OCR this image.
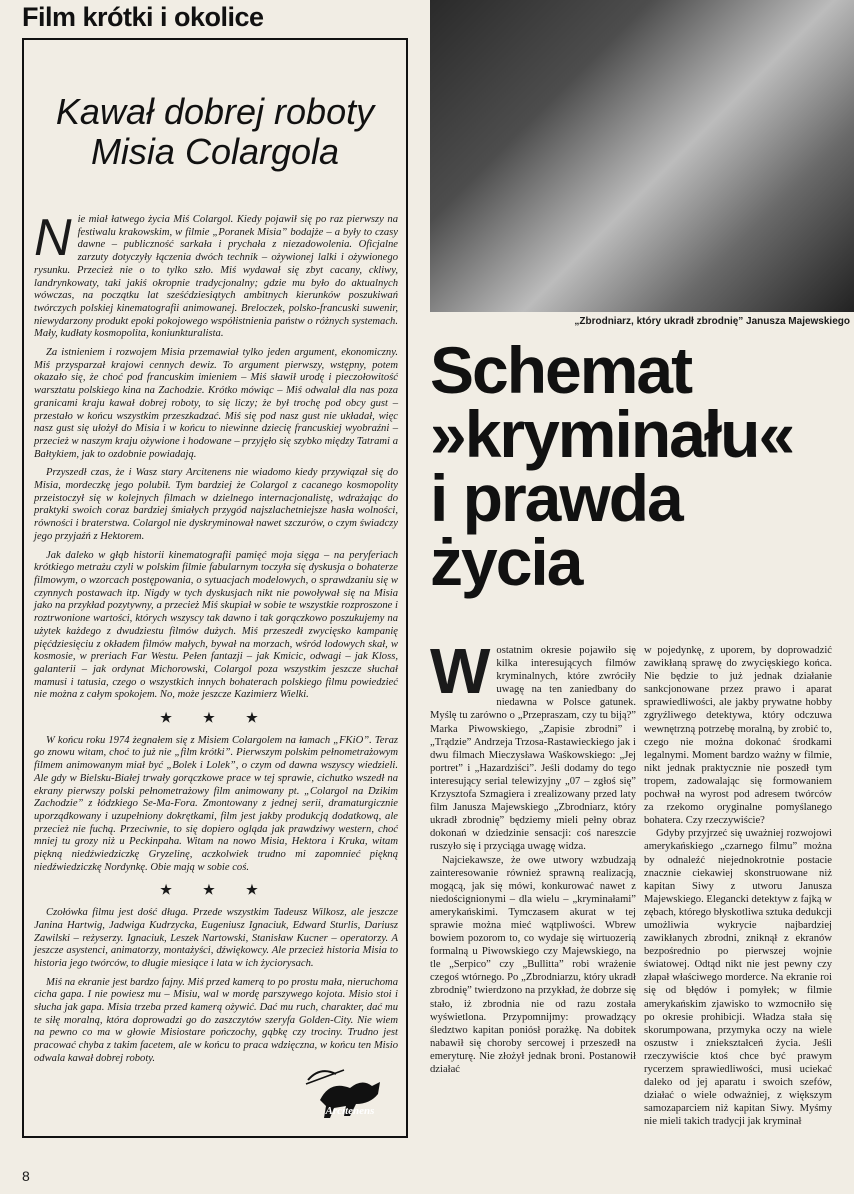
Film krótki i okolice
Kawał dobrej roboty Misia Colargola

Nie miał łatwego życia Miś Colargol. Kiedy pojawił się po raz pierwszy na festiwalu krakowskim, w filmie „Poranek Misia” bodajże – a były to czasy dawne – publiczność sarkała i prychała z niezadowolenia. Oficjalne zarzuty dotyczyły łączenia dwóch technik – ożywionej lalki i ożywionego rysunku. Przecież nie o to tylko szło. Miś wydawał się zbyt cacany, ckliwy, landrynkowaty, taki jakiś okropnie tradycjonalny; gdzie mu było do aktualnych wówczas, na początku lat sześćdziesiątych ambitnych kierunków poszukiwań twórczych polskiej kinematografii animowanej. Breloczek, polsko-francuski suwenir, niewydarzony produkt epoki pokojowego współistnienia państw o różnych systemach. Mały, kudłaty kosmopolita, koniunkturalista.

Za istnieniem i rozwojem Misia przemawiał tylko jeden argument, ekonomiczny. Miś przysparzał krajowi cennych dewiz. To argument pierwszy, wstępny, potem okazało się, że choć pod francuskim imieniem – Miś sławił urodę i pieczołowitość warsztatu polskiego kina na Zachodzie. Krótko mówiąc – Miś odwalał dla nas poza granicami kraju kawał dobrej roboty, to się liczy; że był trochę pod obcy gust – przestało w końcu wszystkim przeszkadzać. Miś się pod nasz gust nie układał, więc nasz gust się ułożył do Misia i w końcu to niewinne dziecię francuskiej wyobraźni – przecież w naszym kraju ożywione i hodowane – przyjęło się szybko między Tatrami a Bałtykiem, jak to ozdobnie powiadają.

Przyszedł czas, że i Wasz stary Arcitenens nie wiadomo kiedy przywiązał się do Misia, mordeczkę jego polubił. Tym bardziej że Colargol z cacanego kosmopolity przeistoczył się w kolejnych filmach w dzielnego internacjonalistę, wdrażając do praktyki swoich coraz bardziej śmiałych przygód najszlachetniejsze hasła wolności, równości i braterstwa. Colargol nie dyskryminował nawet szczurów, o czym świadczy jego przyjaźń z Hektorem.

Jak daleko w głąb historii kinematografii pamięć moja sięga – na peryferiach krótkiego metrażu czyli w polskim filmie fabularnym toczyła się dyskusja o bohaterze filmowym, o wzorcach postępowania, o sytuacjach modelowych, o sprawdzaniu się w czynnych postawach itp. Nigdy w tych dyskusjach nikt nie powoływał się na Misia jako na przykład pozytywny, a przecież Miś skupiał w sobie te wszystkie rozproszone i roztrwonione wartości, których wszyscy tak dawno i tak gorączkowo poszukujemy na użytek każdego z dwudziestu filmów dużych. Miś przeszedł zwycięsko kampanię pięćdziesięciu z okładem filmów małych, bywał na morzach, wśród lodowych skał, w kosmosie, w preriach Far Westu. Pełen fantazji – jak Kmicic, odwagi – jak Kloss, galanterii – jak ordynat Michorowski, Colargol poza wszystkim jeszcze słuchał mamusi i tatusia, czego o wszystkich innych bohaterach polskiego filmu powiedzieć nie można z całym spokojem. No, może jeszcze Kazimierz Wielki.

★ ★ ★

W końcu roku 1974 żegnałem się z Misiem Colargolem na łamach „FKiO”. Teraz go znowu witam, choć to już nie „film krótki”. Pierwszym polskim pełnometrażowym filmem animowanym miał być „Bolek i Lolek”, o czym od dawna wszyscy wiedzieli. Ale gdy w Bielsku-Białej trwały gorączkowe prace w tej sprawie, cichutko wszedł na ekrany pierwszy polski pełnometrażowy film animowany pt. „Colargol na Dzikim Zachodzie” z łódzkiego Se-Ma-Fora. Zmontowany z jednej serii, dramaturgicznie uporządkowany i uzupełniony dokrętkami, film jest jakby produkcją dodatkową, ale przecież nie fuchą. Przeciwnie, to się dopiero ogląda jak prawdziwy western, choć mniej tu grozy niż u Peckinpaha. Witam na nowo Misia, Hektora i Kruka, witam piękną niedźwiedziczkę Gryzelinę, aczkolwiek trudno mi zapomnieć piękną niedźwiedziczkę Nordynkę. Obie mają w sobie coś.

★ ★ ★

Czołówka filmu jest dość długa. Przede wszystkim Tadeusz Wilkosz, ale jeszcze Janina Hartwig, Jadwiga Kudrzycka, Eugeniusz Ignaciuk, Edward Sturlis, Dariusz Zawilski – reżyserzy. Ignaciuk, Leszek Nartowski, Stanisław Kucner – operatorzy. A jeszcze asystenci, animatorzy, montażyści, dźwiękowcy. Ale przecież historia Misia to historia jego twórców, to długie miesiące i lata w ich życiorysach.

Miś na ekranie jest bardzo fajny. Miś przed kamerą to po prostu mała, nieruchoma cicha gapa. I nie powiesz mu – Misiu, wal w mordę parszywego kojota. Misio stoi i słucha jak gapa. Misia trzeba przed kamerą ożywić. Dać mu ruch, charakter, dać mu te siłę moralną, która doprowadzi go do zaszczytów szeryfa Golden-City. Nie wiem na pewno co ma w głowie Misiostare pończochy, gąbkę czy trociny. Trudno jest pracować chyba z takim facetem, ale w końcu to praca wdzięczna, w końcu ten Misio odwala kawał dobrej roboty.

Arcitenens
„Zbrodniarz, który ukradł zbrodnię” Janusza Majewskiego
Schemat
»kryminału«
i prawda
życia

Wostatnim okresie pojawiło się kilka interesujących filmów kryminalnych, które zwróciły uwagę na ten zaniedbany do niedawna w Polsce gatunek. Myślę tu zarówno o „Przepraszam, czy tu biją?” Marka Piwowskiego, „Zapisie zbrodni” i „Trądzie” Andrzeja Trzosa-Rastawieckiego jak i dwu filmach Mieczysława Waśkowskiego: „Jej portret” i „Hazardziści”. Jeśli dodamy do tego interesujący serial telewizyjny „07 – zgłoś się” Krzysztofa Szmagiera i zrealizowany przed laty film Janusza Majewskiego „Zbrodniarz, który ukradł zbrodnię” będziemy mieli pełny obraz dokonań w dziedzinie sensacji: coś nareszcie ruszyło się i przyciąga uwagę widza.

Najciekawsze, że owe utwory wzbudzają zainteresowanie również sprawną realizacją, mogącą, jak się mówi, konkurować nawet z niedoścignionymi – dla wielu – „kryminałami” amerykańskimi. Tymczasem akurat w tej sprawie można mieć wątpliwości. Wbrew bowiem pozorom to, co wydaje się wirtuozerią formalną u Piwowskiego czy Majewskiego, na tle „Serpico” czy „Bullitta” robi wrażenie czegoś wtórnego. Po „Zbrodniarzu, który ukradł zbrodnię” twierdzono na przykład, że dobrze się stało, iż zbrodnia nie od razu została wyświetlona. Przypomnijmy: prowadzący śledztwo kapitan poniósł porażkę. Na dobitek nabawił się choroby sercowej i przeszedł na emeryturę. Nie złożył jednak broni. Postanowił działać

w pojedynkę, z uporem, by doprowadzić zawikłaną sprawę do zwycięskiego końca. Nie będzie to już jednak działanie sankcjonowane przez prawo i aparat sprawiedliwości, ale jakby prywatne hobby zgryźliwego detektywa, który odczuwa wewnętrzną potrzebę moralną, by zrobić to, czego nie można dokonać środkami legalnymi. Moment bardzo ważny w filmie, nikt jednak praktycznie nie poszedł tym tropem, zadowalając się formowaniem pochwał na wyrost pod adresem twórców za rzekomo oryginalne pomyślanego bohatera. Czy rzeczywiście?

Gdyby przyjrzeć się uważniej rozwojowi amerykańskiego „czarnego filmu” można by odnaleźć niejednokrotnie postacie znacznie ciekawiej skonstruowane niż kapitan Siwy z utworu Janusza Majewskiego. Elegancki detektyw z fajką w zębach, którego błyskotliwa sztuka dedukcji umożliwia wykrycie najbardziej zawikłanych zbrodni, zniknął z ekranów bezpośrednio po pierwszej wojnie światowej. Odtąd nikt nie jest pewny czy złapał właściwego morderce. Na ekranie roi się od błędów i pomyłek; w filmie amerykańskim zjawisko to wzmocniło się po okresie prohibicji. Władza stała się skorumpowana, przymyka oczy na wiele oszustw i zniekształceń życia. Jeśli rzeczywiście ktoś chce być prawym rycerzem sprawiedliwości, musi uciekać daleko od jej aparatu i swoich szefów, działać o wiele odważniej, z większym samozaparciem niż kapitan Siwy. Myśmy nie mieli takich tradycji jak kryminał

8
